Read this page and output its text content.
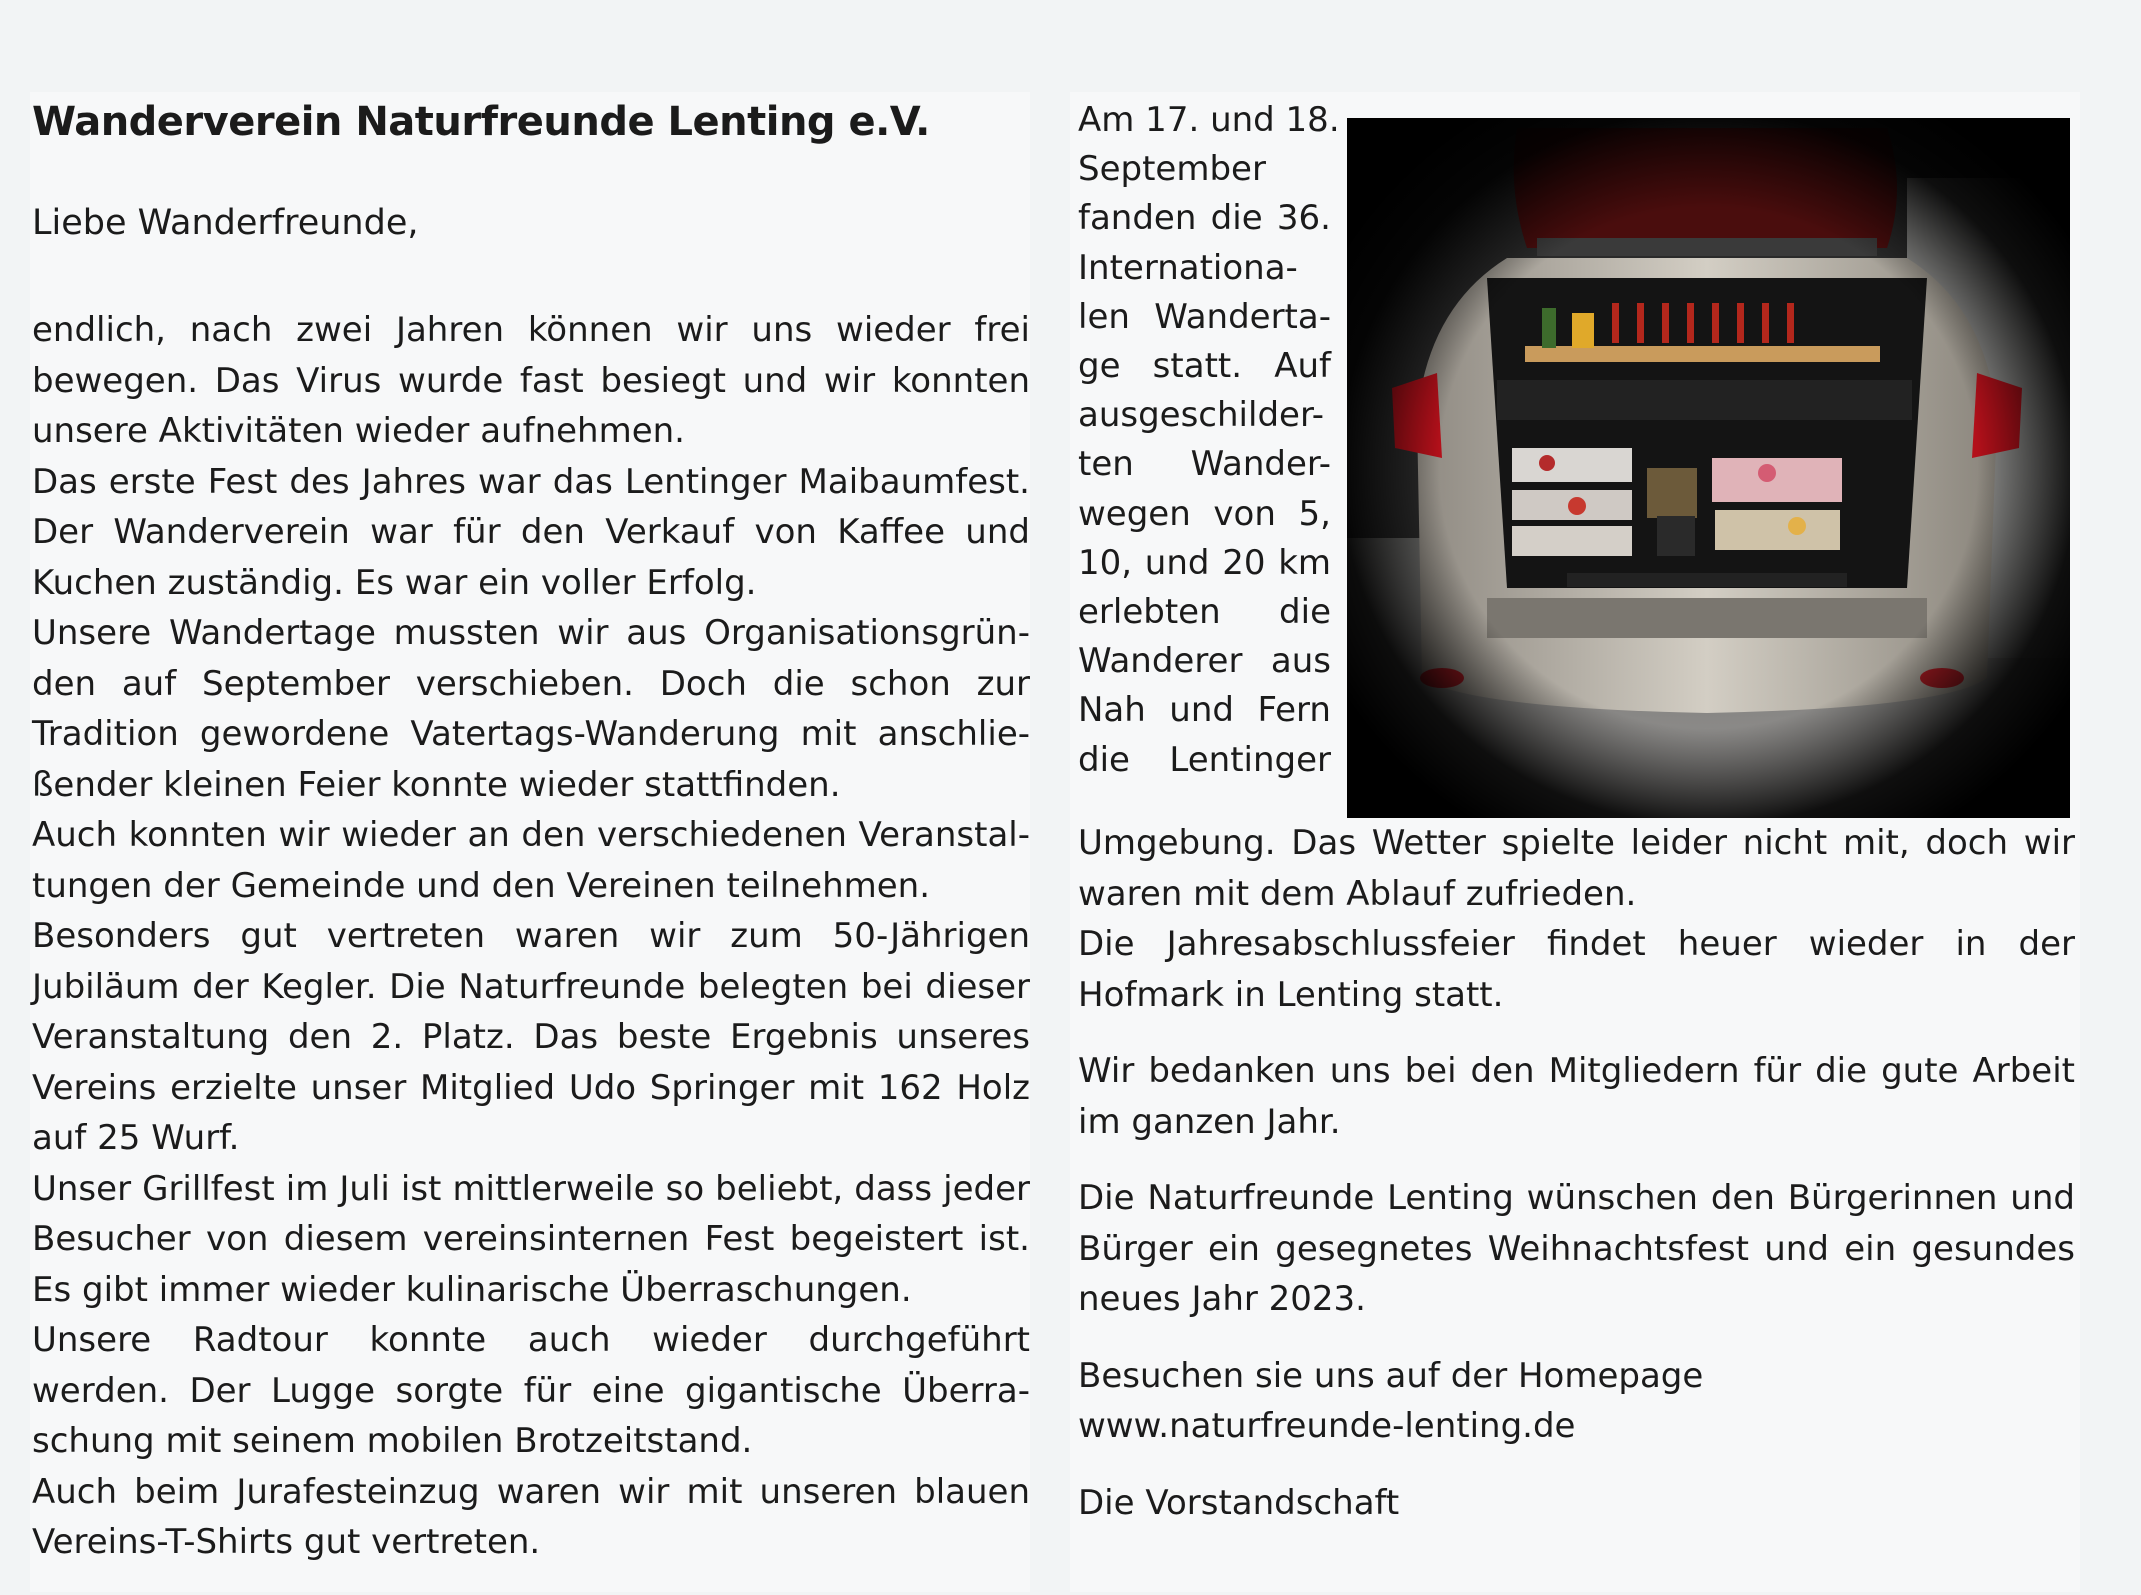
Wanderverein Naturfreunde Lenting e.V.
Liebe Wanderfreunde,
endlich, nach zwei Jahren können wir uns wieder frei
bewegen. Das Virus wurde fast besiegt und wir konnten
unsere Aktivitäten wieder aufnehmen.
Das erste Fest des Jahres war das Lentinger Maibaumfest.
Der Wanderverein war für den Verkauf von Kaffee und
Kuchen zuständig. Es war ein voller Erfolg.
Unsere Wandertage mussten wir aus Organisationsgrün-
den auf September verschieben. Doch die schon zur
Tradition gewordene Vatertags-Wanderung mit anschlie-
ßender kleinen Feier konnte wieder stattfinden.
Auch konnten wir wieder an den verschiedenen Veranstal-
tungen der Gemeinde und den Vereinen teilnehmen.
Besonders gut vertreten waren wir zum 50-Jährigen
Jubiläum der Kegler. Die Naturfreunde belegten bei dieser
Veranstaltung den 2. Platz. Das beste Ergebnis unseres
Vereins erzielte unser Mitglied Udo Springer mit 162 Holz
auf 25 Wurf.
Unser Grillfest im Juli ist mittlerweile so beliebt, dass jeder
Besucher von diesem vereinsinternen Fest begeistert ist.
Es gibt immer wieder kulinarische Überraschungen.
Unsere Radtour konnte auch wieder durchgeführt
werden. Der Lugge sorgte für eine gigantische Überra-
schung mit seinem mobilen Brotzeitstand.
Auch beim Jurafesteinzug waren wir mit unseren blauen
Vereins-T-Shirts gut vertreten.
Am 17. und 18.
September
fanden die 36.
Internationa-
len Wanderta-
ge statt. Auf
ausgeschilder-
ten Wander-
wegen von 5,
10, und 20 km
erlebten die
Wanderer aus
Nah und Fern
die Lentinger
Umgebung. Das Wetter spielte leider nicht mit, doch wir
waren mit dem Ablauf zufrieden.
Die Jahresabschlussfeier findet heuer wieder in der
Hofmark in Lenting statt.
Wir bedanken uns bei den Mitgliedern für die gute Arbeit
im ganzen Jahr.
Die Naturfreunde Lenting wünschen den Bürgerinnen und
Bürger ein gesegnetes Weihnachtsfest und ein gesundes
neues Jahr 2023.
Besuchen sie uns auf der Homepage
www.naturfreunde-lenting.de
Die Vorstandschaft
